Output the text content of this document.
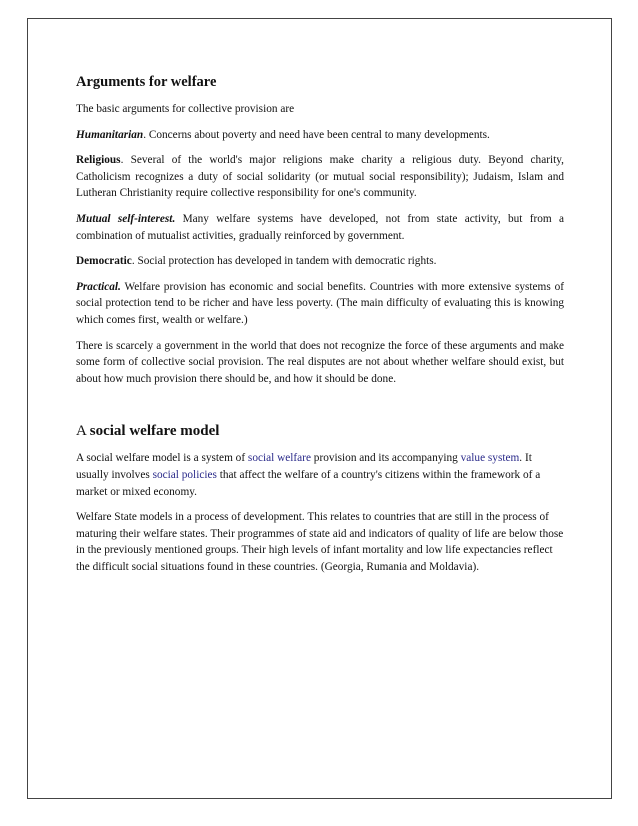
Arguments for welfare

The basic arguments for collective provision are

Humanitarian. Concerns about poverty and need have been central to many developments.

Religious. Several of the world's major religions make charity a religious duty. Beyond charity, Catholicism recognizes a duty of social solidarity (or mutual social responsibility); Judaism, Islam and Lutheran Christianity require collective responsibility for one's community.

Mutual self-interest. Many welfare systems have developed, not from state activity, but from a combination of mutualist activities, gradually reinforced by government.

Democratic. Social protection has developed in tandem with democratic rights.

Practical. Welfare provision has economic and social benefits. Countries with more extensive systems of social protection tend to be richer and have less poverty. (The main difficulty of evaluating this is knowing which comes first, wealth or welfare.)

There is scarcely a government in the world that does not recognize the force of these arguments and make some form of collective social provision. The real disputes are not about whether welfare should exist, but about how much provision there should be, and how it should be done.

A social welfare model

A social welfare model is a system of social welfare provision and its accompanying value system. It usually involves social policies that affect the welfare of a country's citizens within the framework of a market or mixed economy.

Welfare State models in a process of development. This relates to countries that are still in the process of maturing their welfare states. Their programmes of state aid and indicators of quality of life are below those in the previously mentioned groups. Their high levels of infant mortality and low life expectancies reflect the difficult social situations found in these countries. (Georgia, Rumania and Moldavia).
